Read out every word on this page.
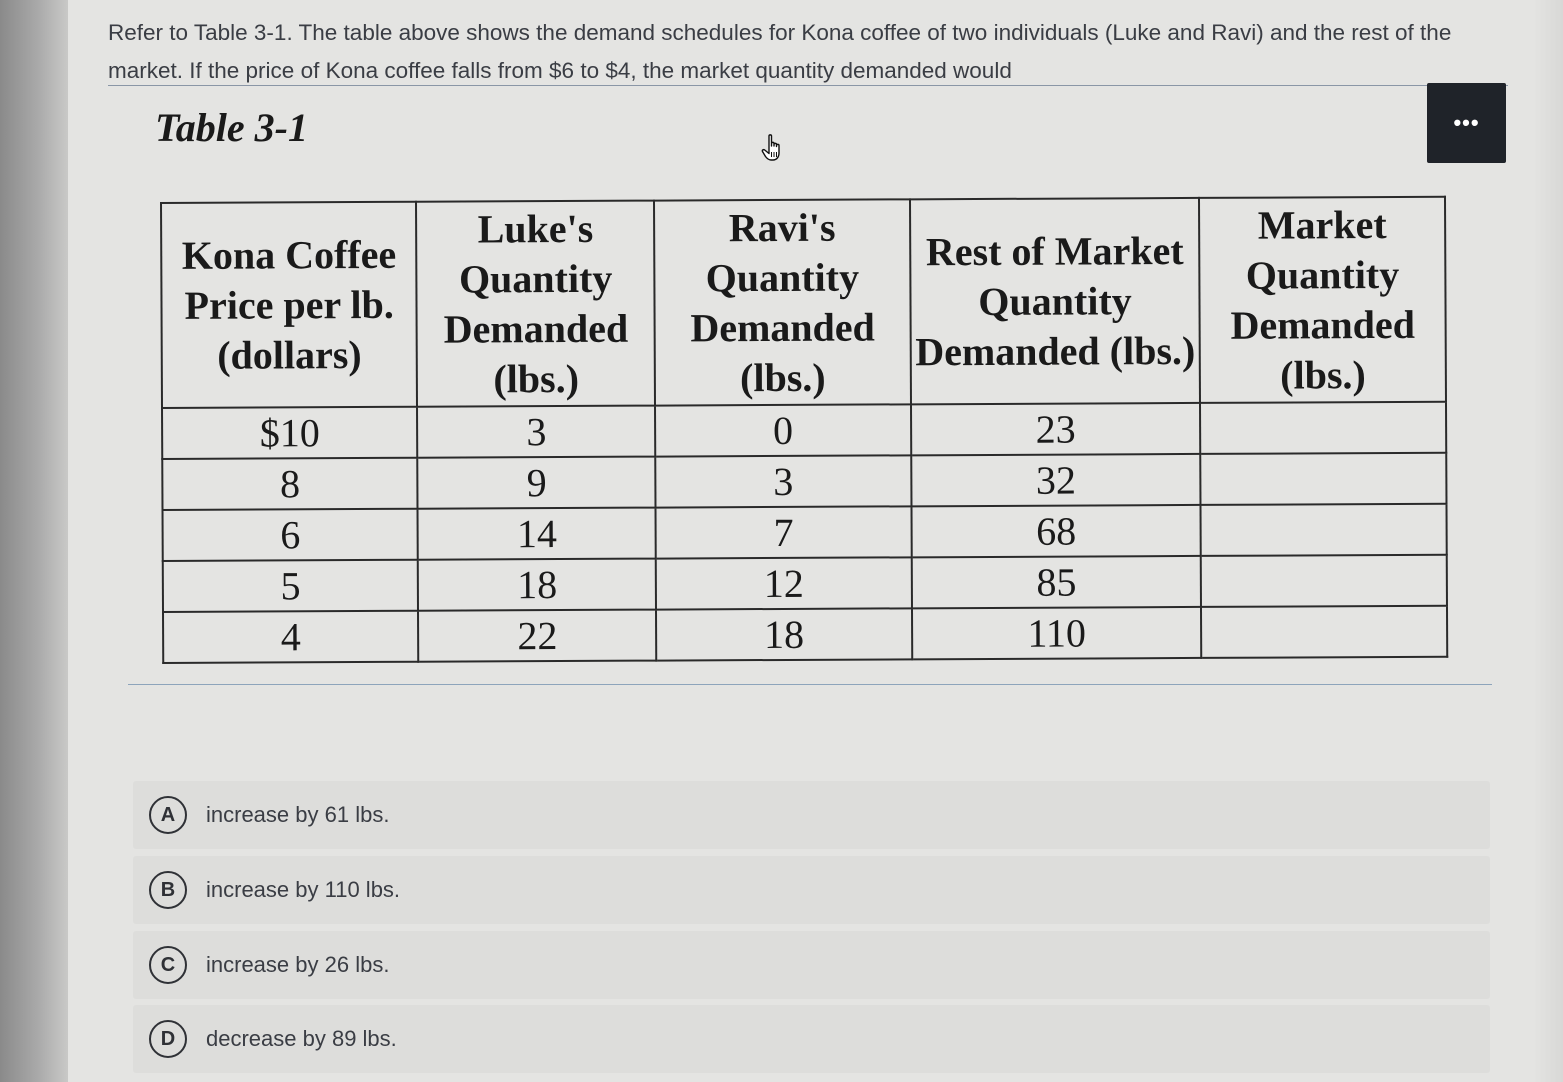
Refer to Table 3-1. The table above shows the demand schedules for Kona coffee of two individuals (Luke and Ravi) and the rest of the market. If the price of Kona coffee falls from $6 to $4, the market quantity demanded would
Table 3-1	•••
Kona Coffee Price per lb. (dollars)	Luke's Quantity Demanded (lbs.)	Ravi's Quantity Demanded (lbs.)	Rest of Market Quantity Demanded (lbs.)	Market Quantity Demanded (lbs.)
$10	3	0	23	
8	9	3	32	
6	14	7	68	
5	18	12	85	
4	22	18	110	
A	increase by 61 lbs.
B	increase by 110 lbs.
C	increase by 26 lbs.
D	decrease by 89 lbs.
